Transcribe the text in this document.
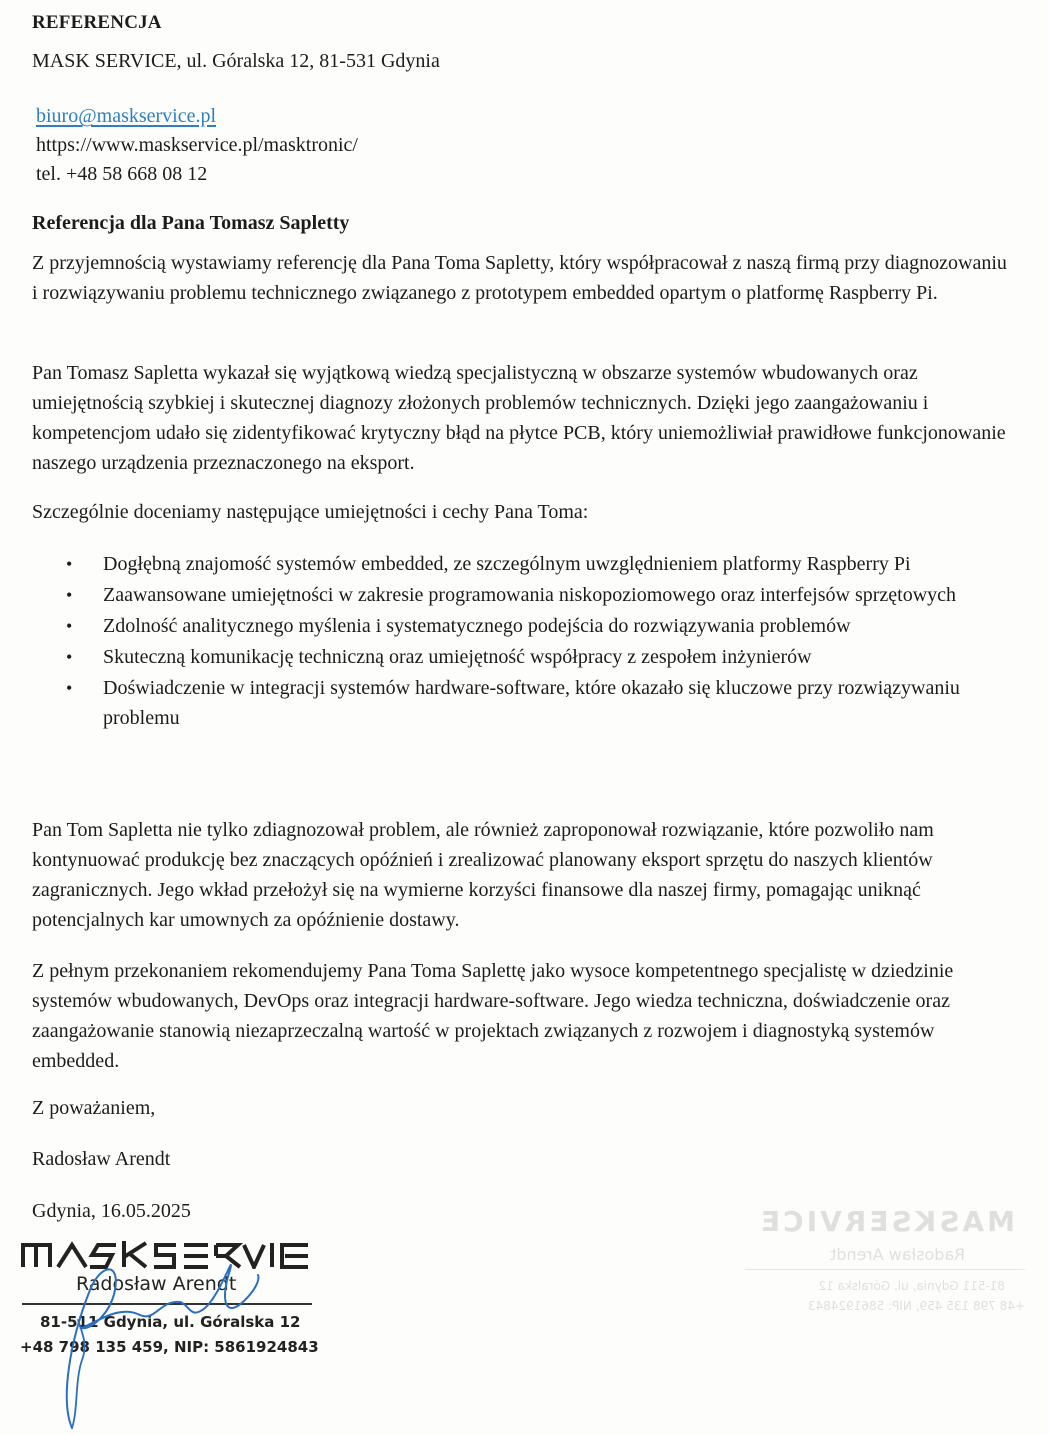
REFERENCJA
MASK SERVICE, ul. Góralska 12, 81-531 Gdynia
biuro@maskservice.pl
https://www.maskservice.pl/masktronic/
tel. +48 58 668 08 12
Referencja dla Pana Tomasz Sapletty
Z przyjemnością wystawiamy referencję dla Pana Toma Sapletty, który współpracował z naszą firmą przy diagnozowaniu i rozwiązywaniu problemu technicznego związanego z prototypem embedded opartym o platformę Raspberry Pi.
Pan Tomasz Sapletta wykazał się wyjątkową wiedzą specjalistyczną w obszarze systemów wbudowanych oraz umiejętnością szybkiej i skutecznej diagnozy złożonych problemów technicznych. Dzięki jego zaangażowaniu i kompetencjom udało się zidentyfikować krytyczny błąd na płytce PCB, który uniemożliwiał prawidłowe funkcjonowanie naszego urządzenia przeznaczonego na eksport.
Szczególnie doceniamy następujące umiejętności i cechy Pana Toma:
• Dogłębną znajomość systemów embedded, ze szczególnym uwzględnieniem platformy Raspberry Pi
• Zaawansowane umiejętności w zakresie programowania niskopoziomowego oraz interfejsów sprzętowych
• Zdolność analitycznego myślenia i systematycznego podejścia do rozwiązywania problemów
• Skuteczną komunikację techniczną oraz umiejętność współpracy z zespołem inżynierów
• Doświadczenie w integracji systemów hardware-software, które okazało się kluczowe przy rozwiązywaniu problemu
Pan Tom Sapletta nie tylko zdiagnozował problem, ale również zaproponował rozwiązanie, które pozwoliło nam kontynuować produkcję bez znaczących opóźnień i zrealizować planowany eksport sprzętu do naszych klientów zagranicznych. Jego wkład przełożył się na wymierne korzyści finansowe dla naszej firmy, pomagając uniknąć potencjalnych kar umownych za opóźnienie dostawy.
Z pełnym przekonaniem rekomendujemy Pana Toma Saplettę jako wysoce kompetentnego specjalistę w dziedzinie systemów wbudowanych, DevOps oraz integracji hardware-software. Jego wiedza techniczna, doświadczenie oraz zaangażowanie stanowią niezaprzeczalną wartość w projektach związanych z rozwojem i diagnostyką systemów embedded.
Z poważaniem,
Radosław Arendt
Gdynia, 16.05.2025
Radosław Arendt
81-511 Gdynia, ul. Góralska 12
+48 798 135 459, NIP: 5861924843
MASKSERVICE
Radosław Arendt
81-511 Gdynia, ul. Góralska 12
+48 798 135 459, NIP: 5861924843
